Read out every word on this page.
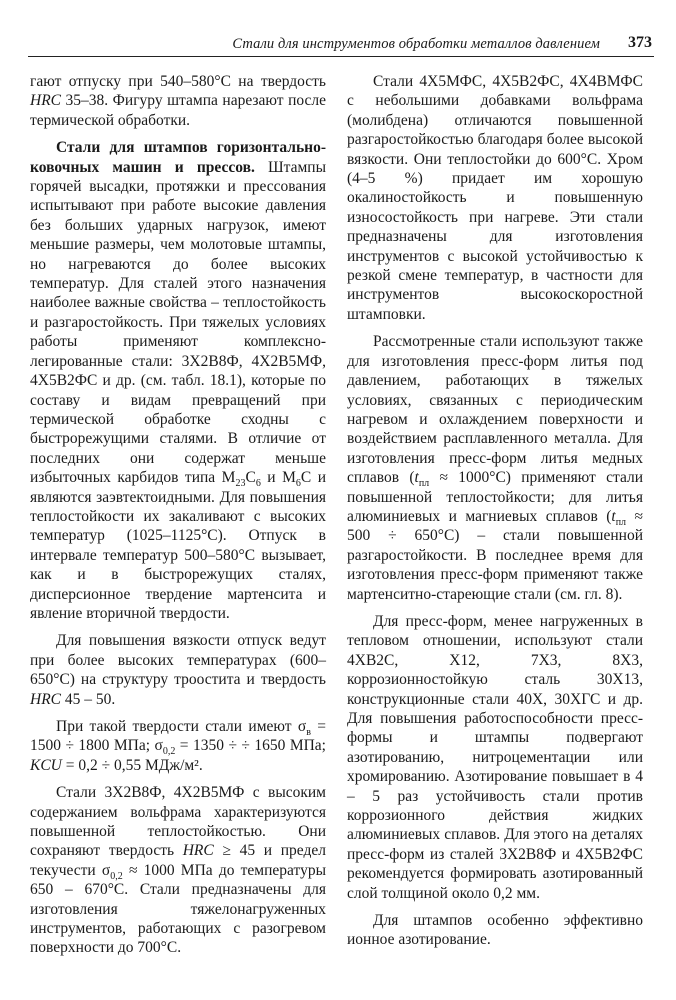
Стали для инструментов обработки металлов давлением 373

гают отпуску при 540–580°C на твердость HRC 35–38. Фигуру штампа нарезают после термической обработки.

Стали для штампов горизонтально-ковочных машин и прессов. Штампы горячей высадки, протяжки и прессования испытывают при работе высокие давления без больших ударных нагрузок, имеют меньшие размеры, чем молотовые штампы, но нагреваются до более высоких температур. Для сталей этого назначения наиболее важные свойства – теплостойкость и разгаростойкость. При тяжелых условиях работы применяют комплексно-легированные стали: 3Х2В8Ф, 4Х2В5МФ, 4Х5В2ФС и др. (см. табл. 18.1), которые по составу и видам превращений при термической обработке сходны с быстрорежущими сталями. В отличие от последних они содержат меньше избыточных карбидов типа $М_{23}С_6$ и $М_6С$ и являются заэвтектоидными. Для повышения теплостойкости их закаливают с высоких температур (1025–1125°C). Отпуск в интервале температур 500–580°C вызывает, как и в быстрорежущих сталях, дисперсионное твердение мартенсита и явление вторичной твердости.

Для повышения вязкости отпуск ведут при более высоких температурах (600–650°C) на структуру троостита и твердость HRC 45 – 50.

При такой твердости стали имеют $\sigma_в = 1500 \div 1800$ МПа; $\sigma_{0,2} = 1350$ ÷ ÷ 1650 МПа; KCU = 0,2 ÷ 0,55 МДж/м².

Стали 3Х2В8Ф, 4Х2В5МФ с высоким содержанием вольфрама характеризуются повышенной теплостойкостью. Они сохраняют твердость HRC ≥ 45 и предел текучести $\sigma_{0,2} \approx 1000$ МПа до температуры 650 – 670°C. Стали предназначены для изготовления тяжелонагруженных инструментов, работающих с разогревом поверхности до 700°C.

Стали 4Х5МФС, 4Х5В2ФС, 4Х4ВМФС с небольшими добавками вольфрама (молибдена) отличаются повышенной разгаростойкостью благодаря более высокой вязкости. Они теплостойки до 600°C. Хром (4–5 %) придает им хорошую окалиностойкость и повышенную износостойкость при нагреве. Эти стали предназначены для изготовления инструментов с высокой устойчивостью к резкой смене температур, в частности для инструментов высокоскоростной штамповки.

Рассмотренные стали используют также для изготовления пресс-форм литья под давлением, работающих в тяжелых условиях, связанных с периодическим нагревом и охлаждением поверхности и воздействием расплавленного металла. Для изготовления пресс-форм литья медных сплавов $(t_{пл} \approx 1000^\circ C)$ применяют стали повышенной теплостойкости; для литья алюминиевых и магниевых сплавов $(t_{пл} \approx 500 \div 650^\circ C)$ – стали повышенной разгаростойкости. В последнее время для изготовления пресс-форм применяют также мартенситно-стареющие стали (см. гл. 8).

Для пресс-форм, менее нагруженных в тепловом отношении, используют стали 4ХВ2С, Х12, 7Х3, 8Х3, коррозионностойкую сталь 30Х13, конструкционные стали 40Х, 30ХГС и др. Для повышения работоспособности пресс-формы и штампы подвергают азотированию, нитроцементации или хромированию. Азотирование повышает в 4 – 5 раз устойчивость стали против коррозионного действия жидких алюминиевых сплавов. Для этого на деталях пресс-форм из сталей 3Х2В8Ф и 4Х5В2ФС рекомендуется формировать азотированный слой толщиной около 0,2 мм.

Для штампов особенно эффективно ионное азотирование.
